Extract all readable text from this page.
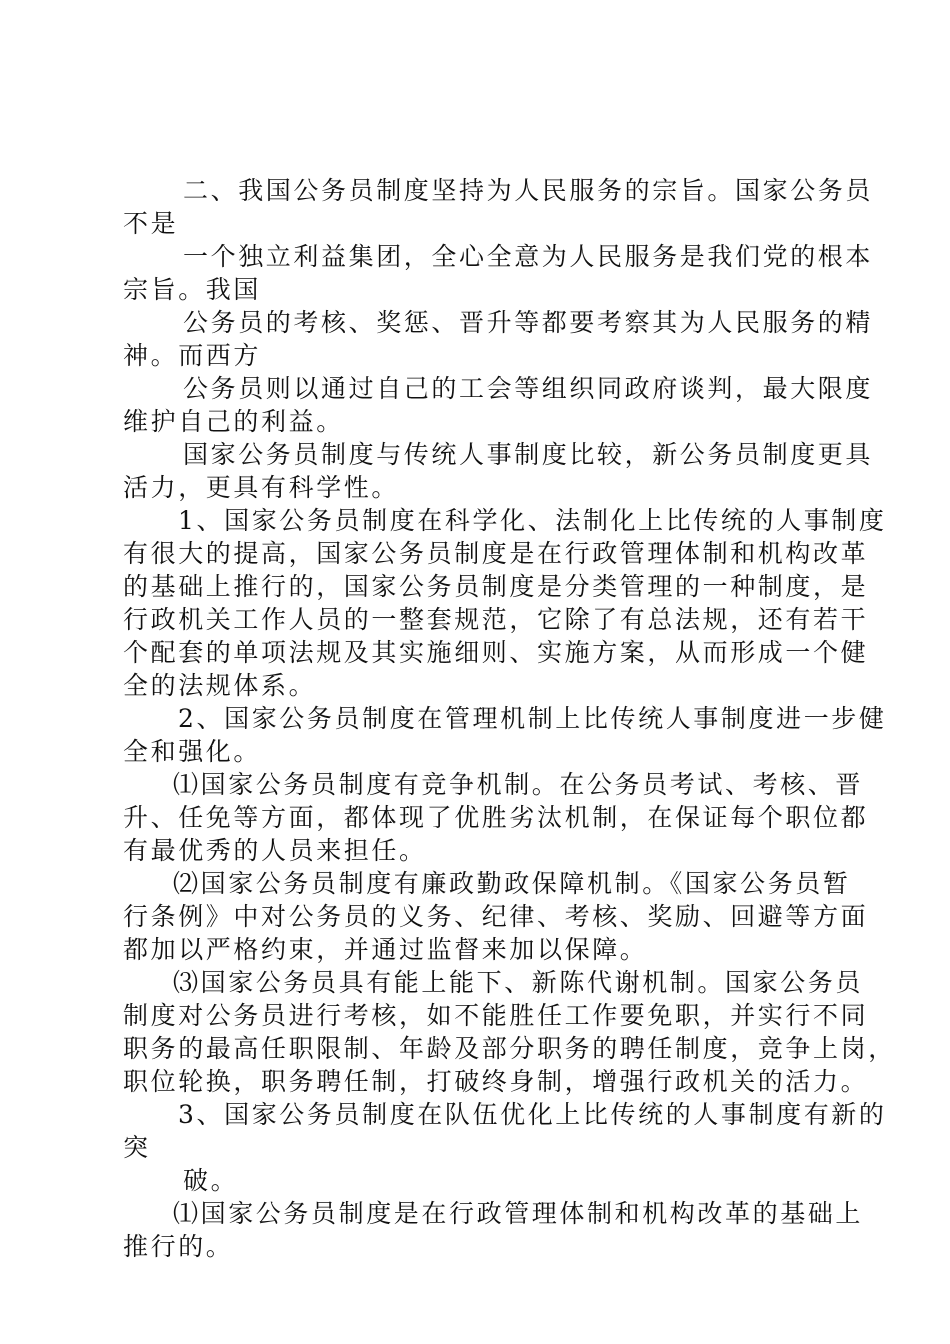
二、我国公务员制度坚持为人民服务的宗旨。国家公务员
不是
一个独立利益集团，全心全意为人民服务是我们党的根本
宗旨。我国
公务员的考核、奖惩、晋升等都要考察其为人民服务的精
神。而西方
公务员则以通过自己的工会等组织同政府谈判，最大限度
维护自己的利益。
国家公务员制度与传统人事制度比较，新公务员制度更具
活力，更具有科学性。
1、国家公务员制度在科学化、法制化上比传统的人事制度
有很大的提高，国家公务员制度是在行政管理体制和机构改革
的基础上推行的，国家公务员制度是分类管理的一种制度，是
行政机关工作人员的一整套规范，它除了有总法规，还有若干
个配套的单项法规及其实施细则、实施方案，从而形成一个健
全的法规体系。
2、国家公务员制度在管理机制上比传统人事制度进一步健
全和强化。
⑴国家公务员制度有竞争机制。在公务员考试、考核、晋
升、任免等方面，都体现了优胜劣汰机制，在保证每个职位都
有最优秀的人员来担任。
⑵国家公务员制度有廉政勤政保障机制。《国家公务员暂
行条例》中对公务员的义务、纪律、考核、奖励、回避等方面
都加以严格约束，并通过监督来加以保障。
⑶国家公务员具有能上能下、新陈代谢机制。国家公务员
制度对公务员进行考核，如不能胜任工作要免职，并实行不同
职务的最高任职限制、年龄及部分职务的聘任制度，竞争上岗，
职位轮换，职务聘任制，打破终身制，增强行政机关的活力。
3、国家公务员制度在队伍优化上比传统的人事制度有新的
突
破。
⑴国家公务员制度是在行政管理体制和机构改革的基础上
推行的。
